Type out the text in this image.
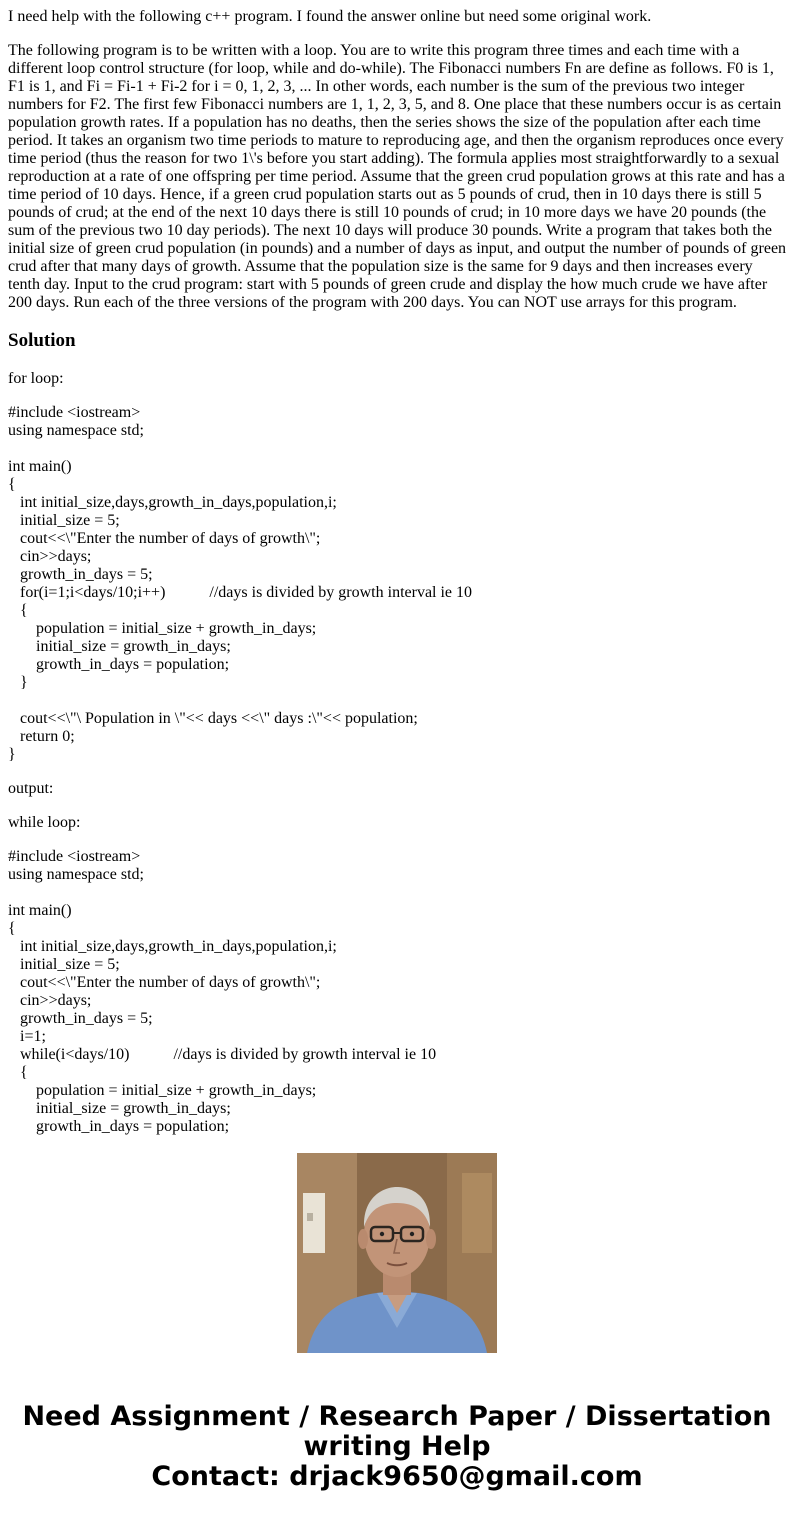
I need help with the following c++ program. I found the answer online but need some original work.

The following program is to be written with a loop. You are to write this program three times and each time with a different loop control structure (for loop, while and do-while). The Fibonacci numbers Fn are define as follows. F0 is 1, F1 is 1, and Fi = Fi-1 + Fi-2 for i = 0, 1, 2, 3, ... In other words, each number is the sum of the previous two integer numbers for F2. The first few Fibonacci numbers are 1, 1, 2, 3, 5, and 8. One place that these numbers occur is as certain population growth rates. If a population has no deaths, then the series shows the size of the population after each time period. It takes an organism two time periods to mature to reproducing age, and then the organism reproduces once every time period (thus the reason for two 1\'s before you start adding). The formula applies most straightforwardly to a sexual reproduction at a rate of one offspring per time period. Assume that the green crud population grows at this rate and has a time period of 10 days. Hence, if a green crud population starts out as 5 pounds of crud, then in 10 days there is still 5 pounds of crud; at the end of the next 10 days there is still 10 pounds of crud; in 10 more days we have 20 pounds (the sum of the previous two 10 day periods). The next 10 days will produce 30 pounds. Write a program that takes both the initial size of green crud population (in pounds) and a number of days as input, and output the number of pounds of green crud after that many days of growth. Assume that the population size is the same for 9 days and then increases every tenth day. Input to the crud program: start with 5 pounds of green crude and display the how much crude we have after 200 days. Run each of the three versions of the program with 200 days. You can NOT use arrays for this program.

Solution
for loop:
#include <iostream>
using namespace std;

int main()
{
int initial_size,days,growth_in_days,population,i;
initial_size = 5;
cout<<\"Enter the number of days of growth\";
cin>>days;
growth_in_days = 5;
for(i=1;i<days/10;i++)           //days is divided by growth interval ie 10
{
population = initial_size + growth_in_days;
initial_size = growth_in_days;
growth_in_days = population;
}

cout<<\"\ Population in \"<< days <<\" days :\"<< population;
return 0;
}
output:
while loop:
#include <iostream>
using namespace std;

int main()
{
int initial_size,days,growth_in_days,population,i;
initial_size = 5;
cout<<\"Enter the number of days of growth\";
cin>>days;
growth_in_days = 5;
i=1;
while(i<days/10)           //days is divided by growth interval ie 10
{
population = initial_size + growth_in_days;
initial_size = growth_in_days;
growth_in_days = population;
Need Assignment / Research Paper / Dissertation
writing Help
Contact: drjack9650@gmail.com
